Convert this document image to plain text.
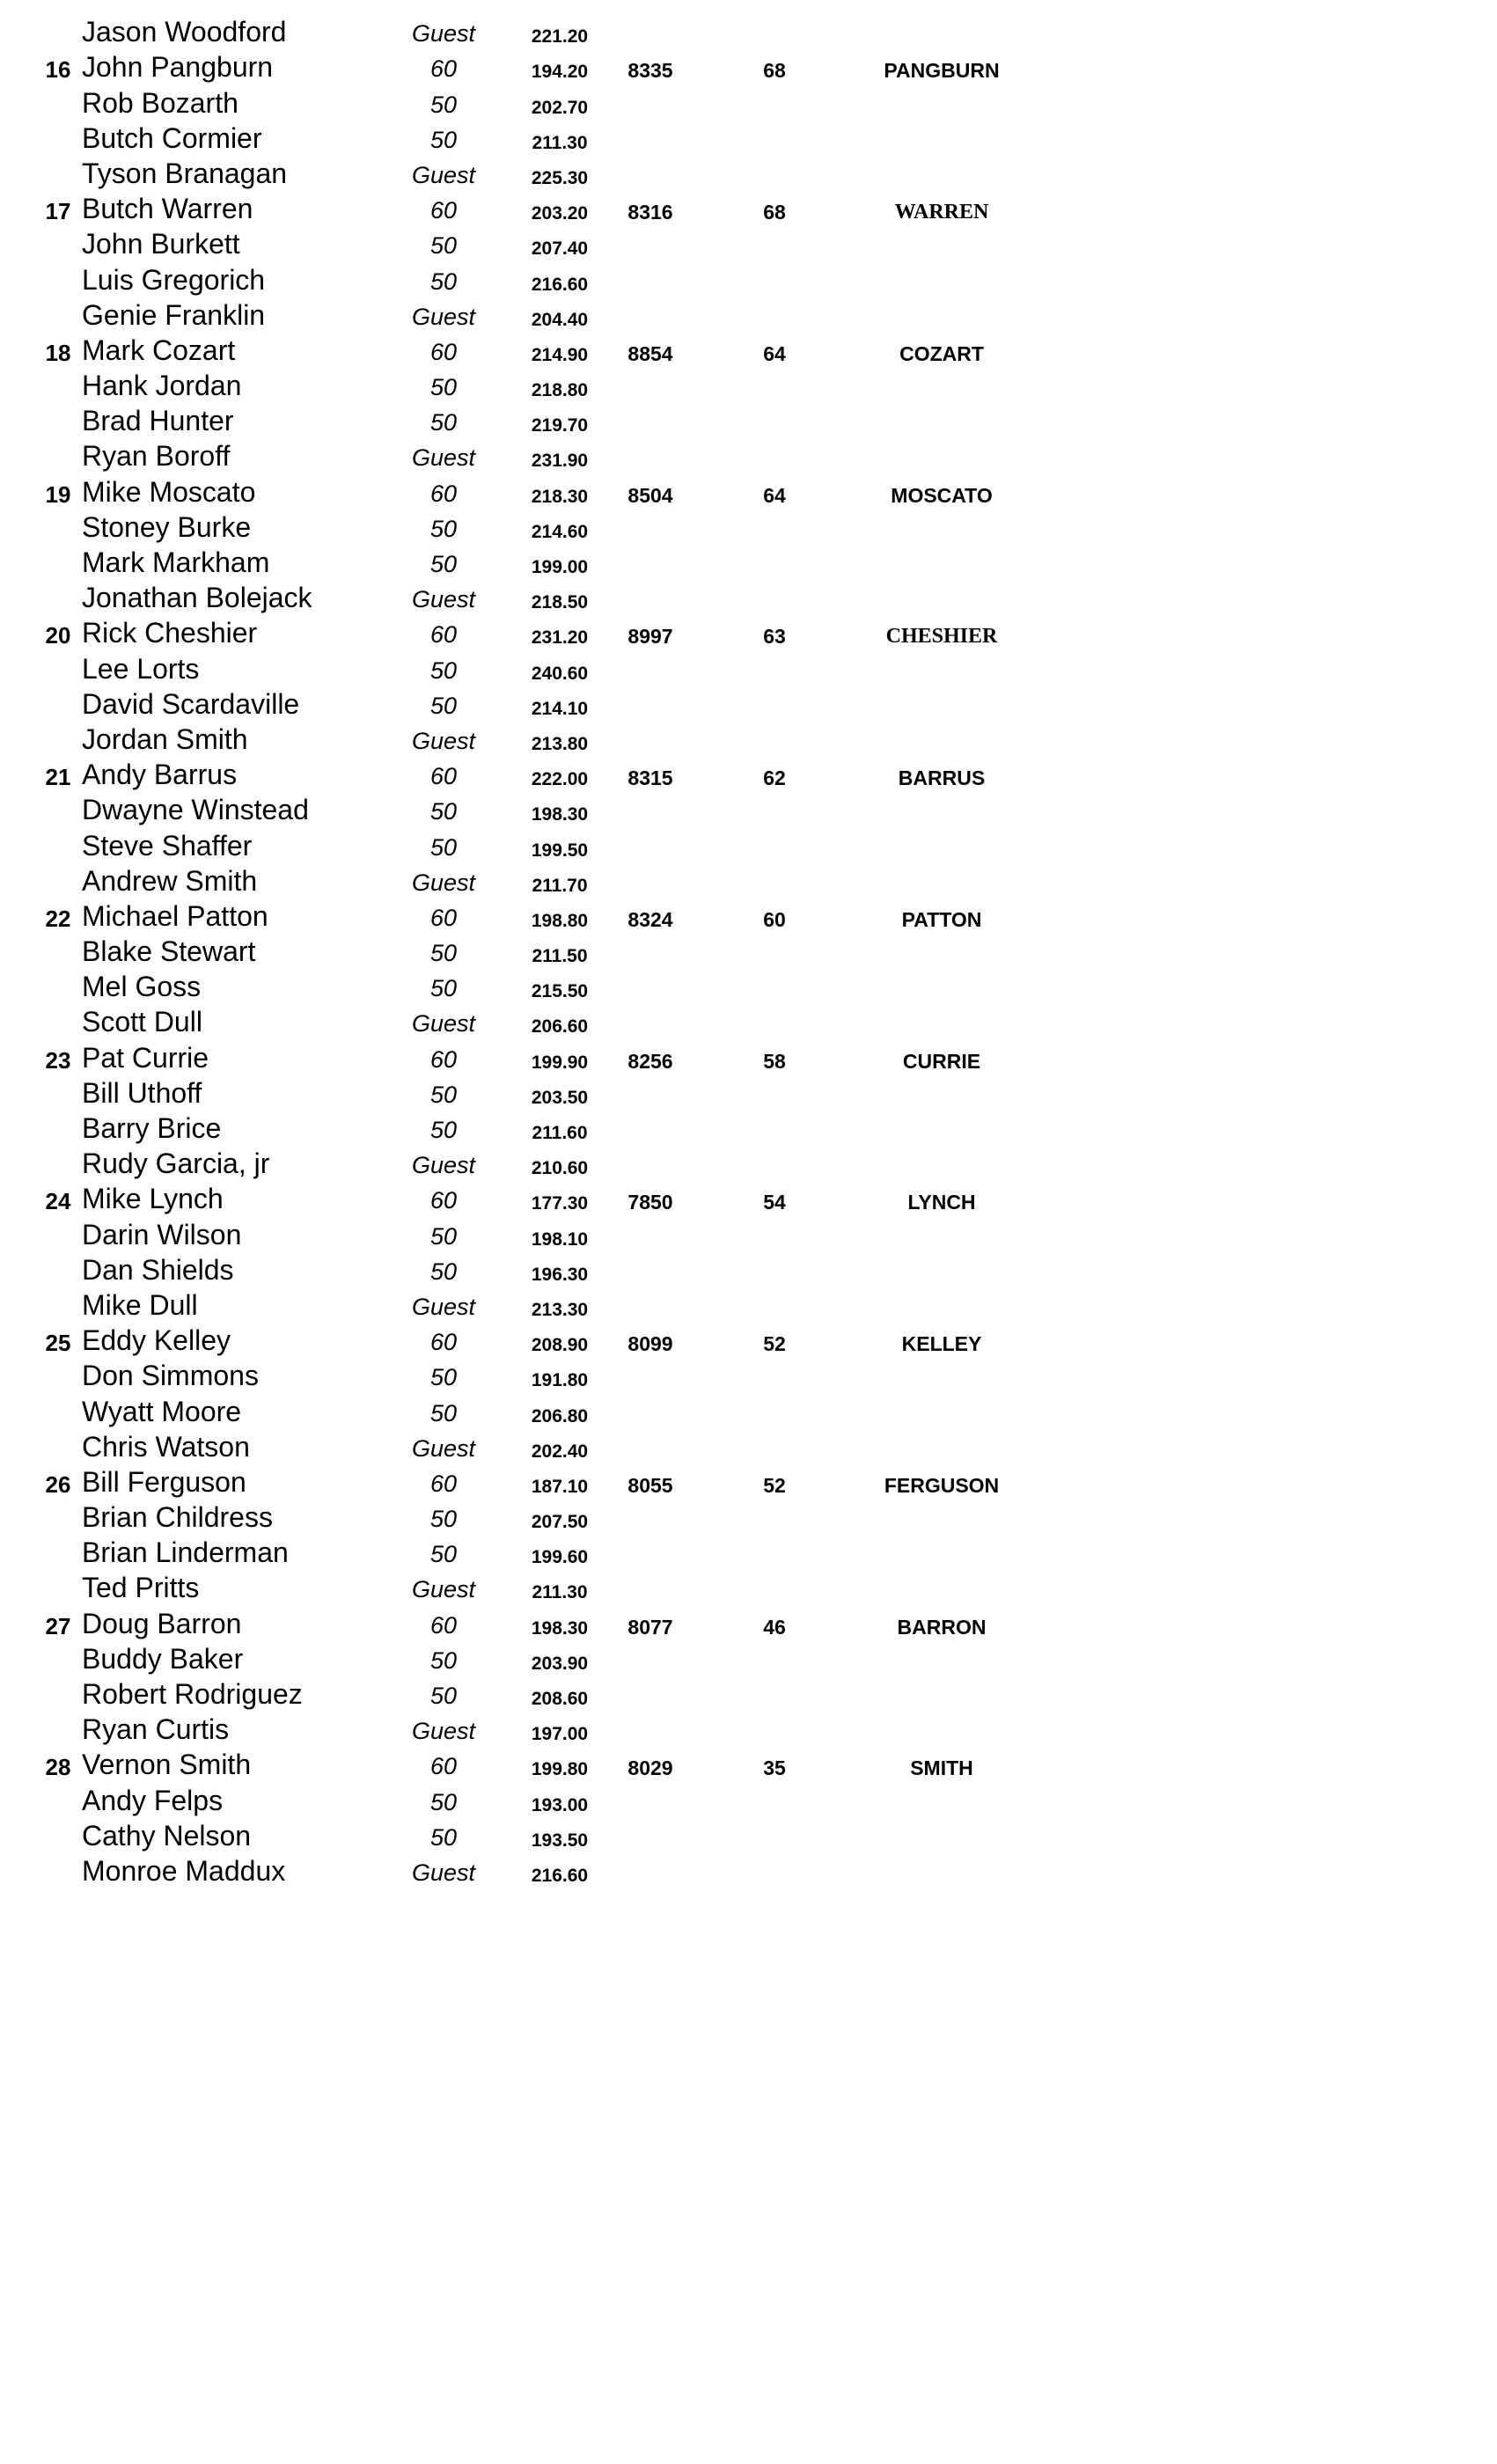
Jason Woodford	Guest	221.20
16 John Pangburn	60	194.20	8335	68	PANGBURN
Rob Bozarth	50	202.70
Butch Cormier	50	211.30
Tyson Branagan	Guest	225.30
17 Butch Warren	60	203.20	8316	68	WARREN
John Burkett	50	207.40
Luis Gregorich	50	216.60
Genie Franklin	Guest	204.40
18 Mark Cozart	60	214.90	8854	64	COZART
Hank Jordan	50	218.80
Brad Hunter	50	219.70
Ryan Boroff	Guest	231.90
19 Mike Moscato	60	218.30	8504	64	MOSCATO
Stoney Burke	50	214.60
Mark Markham	50	199.00
Jonathan Bolejack	Guest	218.50
20 Rick Cheshier	60	231.20	8997	63	CHESHIER
Lee Lorts	50	240.60
David Scardaville	50	214.10
Jordan Smith	Guest	213.80
21 Andy Barrus	60	222.00	8315	62	BARRUS
Dwayne Winstead	50	198.30
Steve Shaffer	50	199.50
Andrew Smith	Guest	211.70
22 Michael Patton	60	198.80	8324	60	PATTON
Blake Stewart	50	211.50
Mel Goss	50	215.50
Scott Dull	Guest	206.60
23 Pat Currie	60	199.90	8256	58	CURRIE
Bill Uthoff	50	203.50
Barry Brice	50	211.60
Rudy Garcia, jr	Guest	210.60
24 Mike Lynch	60	177.30	7850	54	LYNCH
Darin Wilson	50	198.10
Dan Shields	50	196.30
Mike Dull	Guest	213.30
25 Eddy Kelley	60	208.90	8099	52	KELLEY
Don Simmons	50	191.80
Wyatt Moore	50	206.80
Chris Watson	Guest	202.40
26 Bill Ferguson	60	187.10	8055	52	FERGUSON
Brian Childress	50	207.50
Brian Linderman	50	199.60
Ted Pritts	Guest	211.30
27 Doug Barron	60	198.30	8077	46	BARRON
Buddy Baker	50	203.90
Robert Rodriguez	50	208.60
Ryan Curtis	Guest	197.00
28 Vernon Smith	60	199.80	8029	35	SMITH
Andy Felps	50	193.00
Cathy Nelson	50	193.50
Monroe Maddux	Guest	216.60
